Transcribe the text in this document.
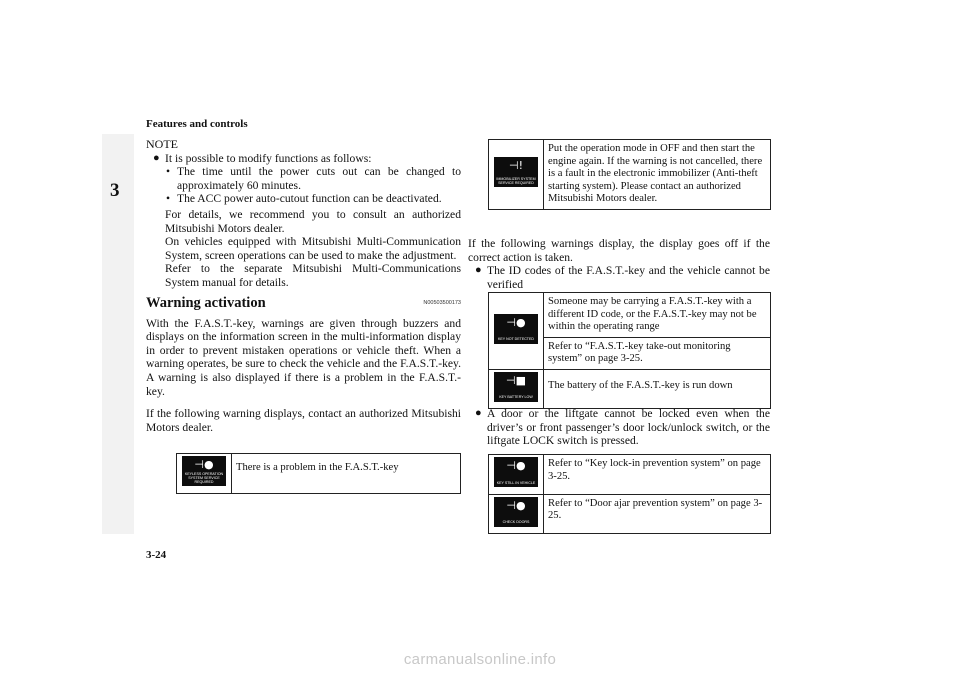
Features and controls
3
NOTE
● It is possible to modify functions as follows:
• The time until the power cuts out can be changed to approximately 60 minutes.
• The ACC power auto-cutout function can be deactivated.
For details, we recommend you to consult an authorized Mitsubishi Motors dealer.
On vehicles equipped with Mitsubishi Multi-Communication System, screen operations can be used to make the adjustment.
Refer to the separate Mitsubishi Multi-Communications System manual for details.
Warning activation	N00503500173
With the F.A.S.T.-key, warnings are given through buzzers and displays on the information screen in the multi-information display in order to prevent mistaken operations or vehicle theft. When a warning operates, be sure to check the vehicle and the F.A.S.T.-key. A warning is also displayed if there is a problem in the F.A.S.T.-key.
If the following warning displays, contact an authorized Mitsubishi Motors dealer.
⊣●
KEYLESS OPERATION SYSTEM SERVICE REQUIRED
	There is a problem in the F.A.S.T.-key
⊣!
IMMOBILIZER SYSTEM SERVICE REQUIRED
	Put the operation mode in OFF and then start the engine again. If the warning is not cancelled, there is a fault in the electronic immobilizer (Anti-theft starting system). Please contact an authorized Mitsubishi Motors dealer.
If the following warnings display, the display goes off if the correct action is taken.
● The ID codes of the F.A.S.T.-key and the vehicle cannot be verified
⊣●
KEY NOT DETECTED	Someone may be carrying a F.A.S.T.-key with a different ID code, or the F.A.S.T.-key may not be within the operating range
	Refer to “F.A.S.T.-key take-out monitoring system” on page 3-25.

⊣■
KEY BATTERY LOW	The battery of the F.A.S.T.-key is run down
● A door or the liftgate cannot be locked even when the driver’s or front passenger’s door lock/unlock switch, or the liftgate LOCK switch is pressed.
⊣●
KEY STILL IN VEHICLE	Refer to “Key lock-in prevention system” on page 3-25.

⊣●
CHECK DOORS	Refer to “Door ajar prevention system” on page 3-25.
3-24
carmanualsonline.info
